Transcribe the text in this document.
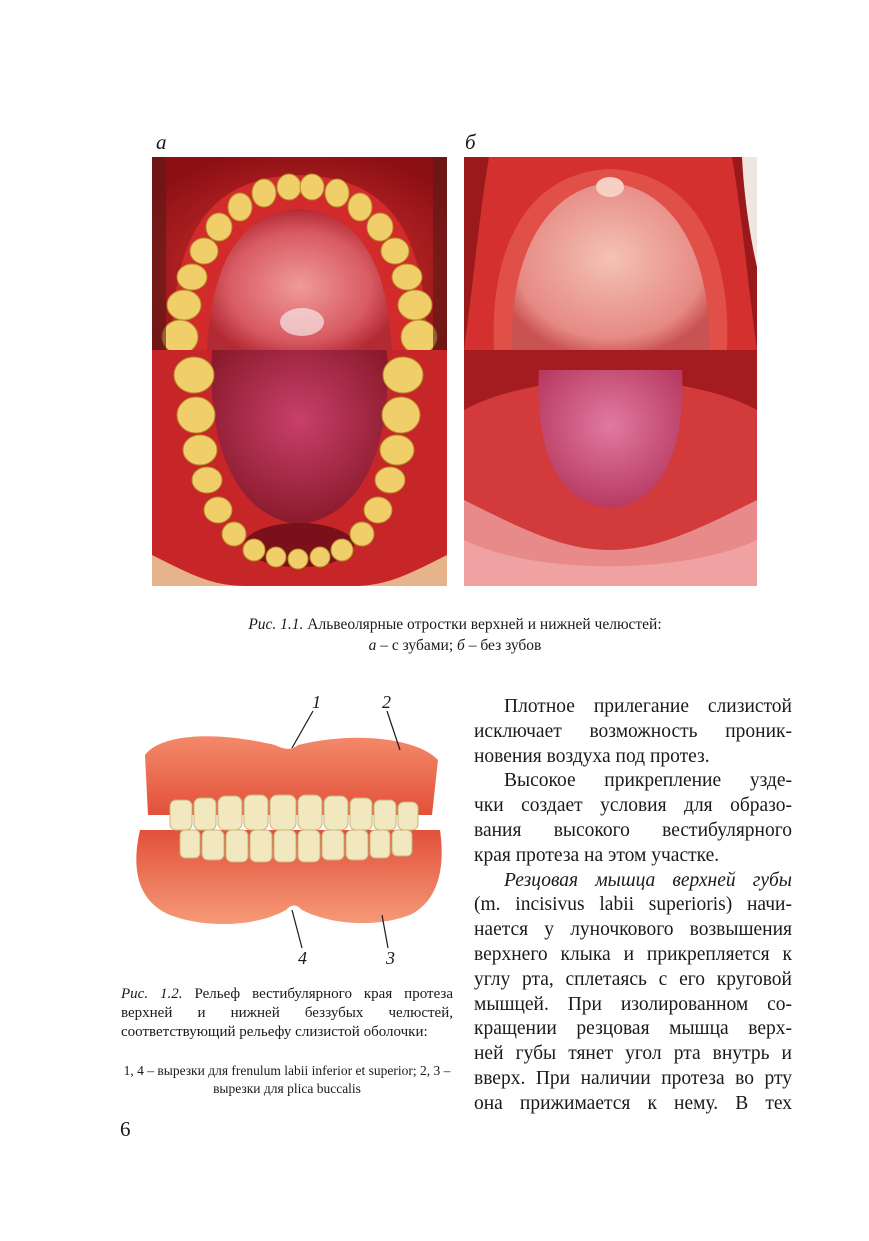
а	б
Рис. 1.1. Альвеолярные отростки верхней и нижней челюстей:
а – с зубами; б – без зубов
1	2
3
4
Рис. 1.2. Рельеф вестибулярного края протеза верхней и нижней беззубых челюстей, соответствующий рельефу слизистой оболочки:
1, 4 – вырезки для frenulum labii inferior et superior; 2, 3 – вырезки для plica buccalis
Плотное прилегание слизистой
исключает возможность проник-
новения воздуха под протез.
Высокое прикрепление узде-
чки создает условия для образо-
вания высокого вестибулярного
края протеза на этом участке.
Резцовая мышца верхней губы
(m. incisivus labii superioris) начи-
нается у луночкового возвышения
верхнего клыка и прикрепляется к
углу рта, сплетаясь с его круговой
мышцей. При изолированном со-
кращении резцовая мышца верх-
ней губы тянет угол рта внутрь и
вверх. При наличии протеза во рту
она прижимается к нему. В тех
6
